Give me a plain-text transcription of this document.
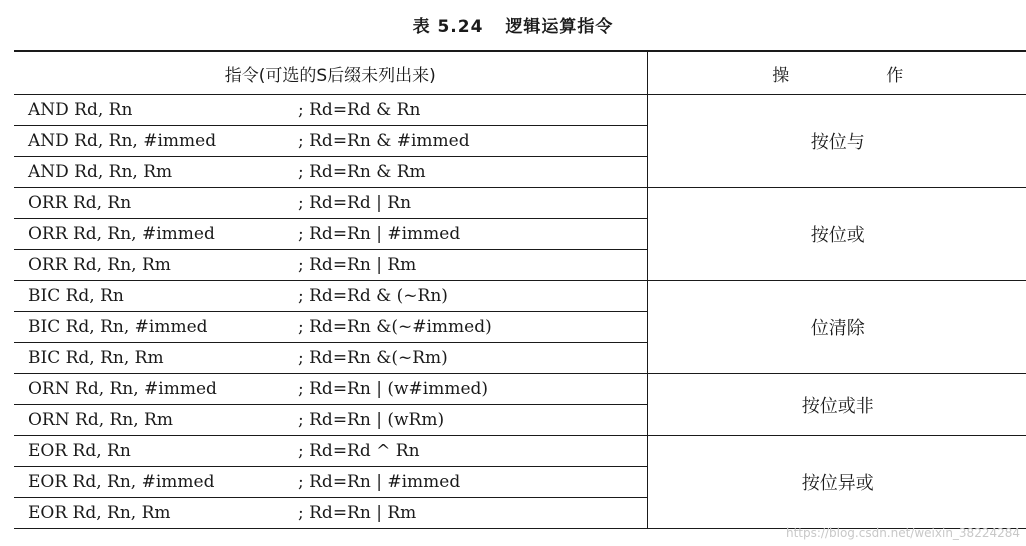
表 5.24 逻辑运算指令
指令(可选的S后缀未列出来)	操　作
AND Rd, Rn ; Rd=Rd & Rn	按位与
AND Rd, Rn, #immed ; Rd=Rn & #immed	
AND Rd, Rn, Rm ; Rd=Rn & Rm	
ORR Rd, Rn ; Rd=Rd | Rn	按位或
ORR Rd, Rn, #immed ; Rd=Rn | #immed	
ORR Rd, Rn, Rm ; Rd=Rn | Rm	
BIC Rd, Rn ; Rd=Rd & (~Rn)	位清除
BIC Rd, Rn, #immed ; Rd=Rn &(~#immed)	
BIC Rd, Rn, Rm ; Rd=Rn &(~Rm)	
ORN Rd, Rn, #immed ; Rd=Rn | (w#immed)	按位或非
ORN Rd, Rn, Rm ; Rd=Rn | (wRm)	
EOR Rd, Rn ; Rd=Rd ^ Rn	按位异或
EOR Rd, Rn, #immed ; Rd=Rn | #immed	
EOR Rd, Rn, Rm ; Rd=Rn | Rm	
https://blog.csdn.net/weixin_38224284
